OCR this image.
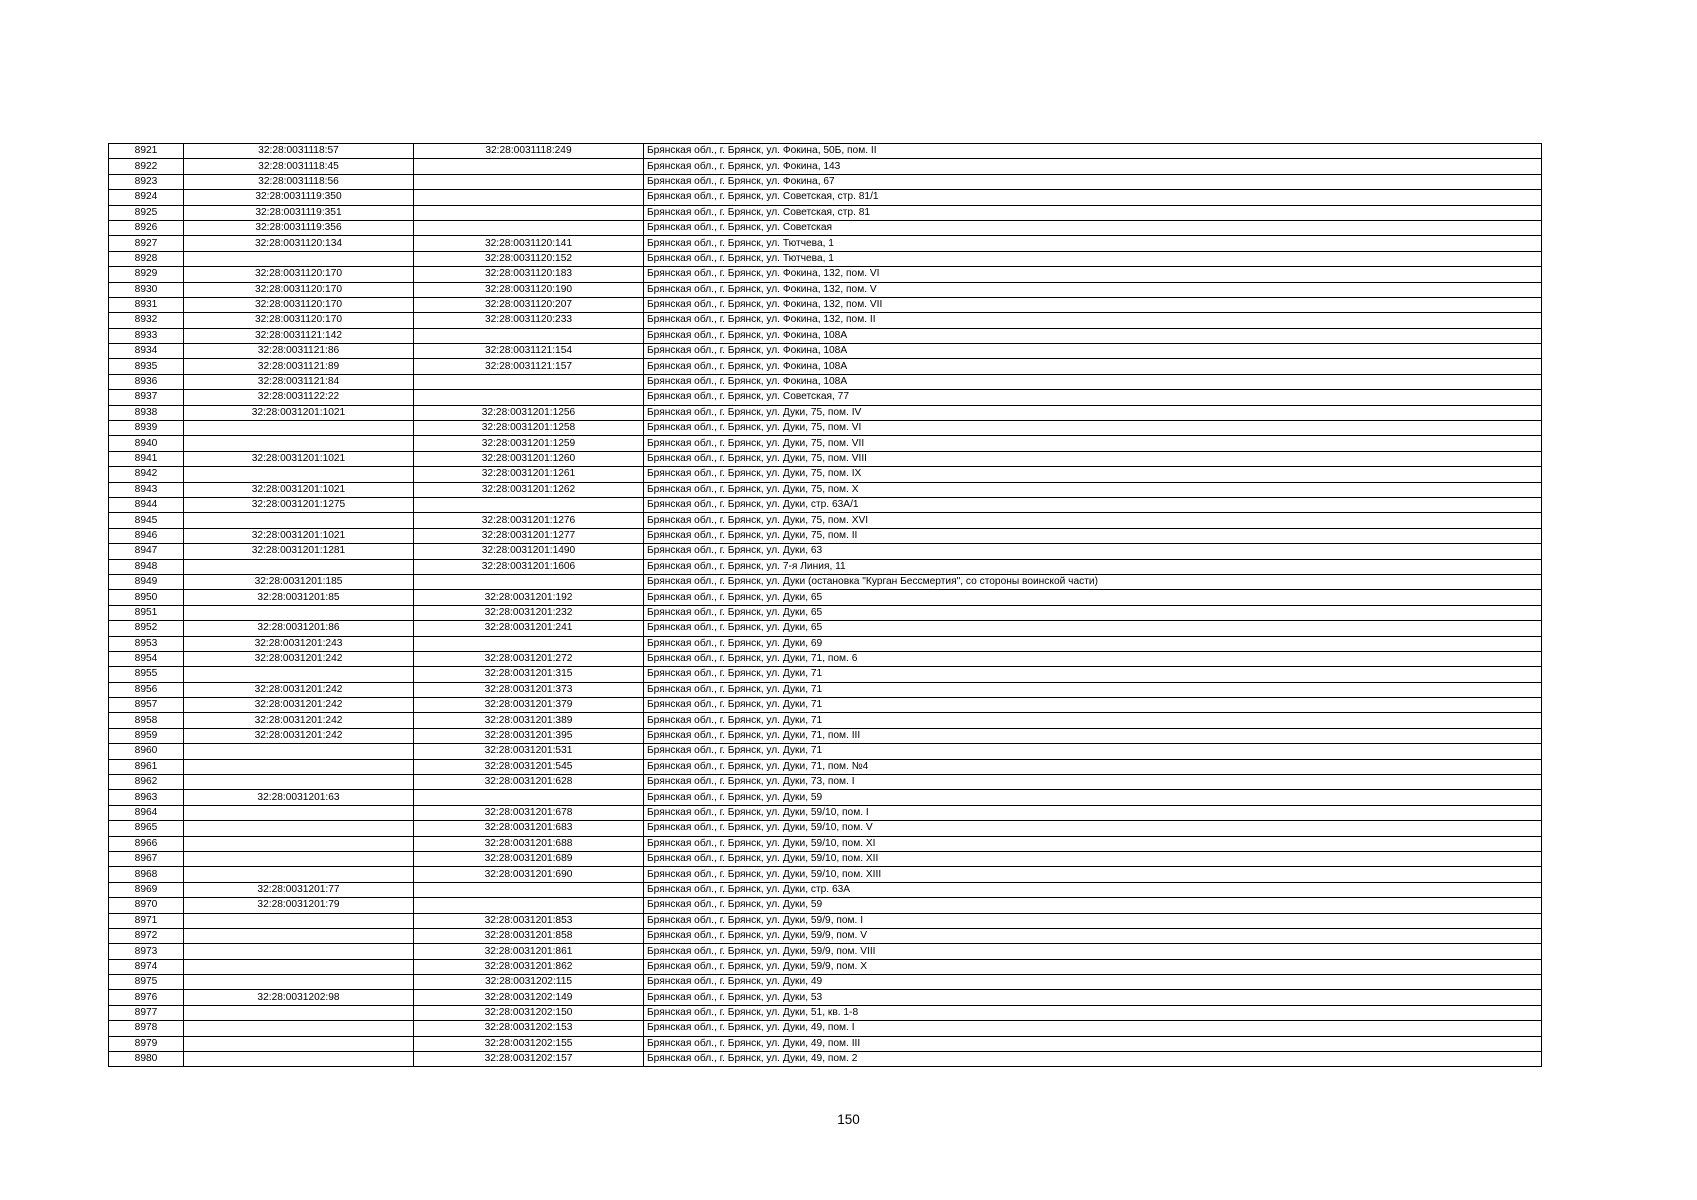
8921	32:28:0031118:57	32:28:0031118:249	Брянская обл., г. Брянск, ул. Фокина, 50Б, пом. II
8922	32:28:0031118:45		Брянская обл., г. Брянск, ул. Фокина, 143
8923	32:28:0031118:56		Брянская обл., г. Брянск, ул. Фокина, 67
8924	32:28:0031119:350		Брянская обл., г. Брянск, ул. Советская, стр. 81/1
8925	32:28:0031119:351		Брянская обл., г. Брянск, ул. Советская, стр. 81
8926	32:28:0031119:356		Брянская обл., г. Брянск, ул. Советская
8927	32:28:0031120:134	32:28:0031120:141	Брянская обл., г. Брянск, ул. Тютчева, 1
8928		32:28:0031120:152	Брянская обл., г. Брянск, ул. Тютчева, 1
8929	32:28:0031120:170	32:28:0031120:183	Брянская обл., г. Брянск, ул. Фокина, 132, пом. VI
8930	32:28:0031120:170	32:28:0031120:190	Брянская обл., г. Брянск, ул. Фокина, 132, пом. V
8931	32:28:0031120:170	32:28:0031120:207	Брянская обл., г. Брянск, ул. Фокина, 132, пом. VII
8932	32:28:0031120:170	32:28:0031120:233	Брянская обл., г. Брянск, ул. Фокина, 132, пом. II
8933	32:28:0031121:142		Брянская обл., г. Брянск, ул. Фокина, 108А
8934	32:28:0031121:86	32:28:0031121:154	Брянская обл., г. Брянск, ул. Фокина, 108А
8935	32:28:0031121:89	32:28:0031121:157	Брянская обл., г. Брянск, ул. Фокина, 108А
8936	32:28:0031121:84		Брянская обл., г. Брянск, ул. Фокина, 108А
8937	32:28:0031122:22		Брянская обл., г. Брянск, ул. Советская, 77
8938	32:28:0031201:1021	32:28:0031201:1256	Брянская обл., г. Брянск, ул. Дуки, 75, пом. IV
8939		32:28:0031201:1258	Брянская обл., г. Брянск, ул. Дуки, 75, пом. VI
8940		32:28:0031201:1259	Брянская обл., г. Брянск, ул. Дуки, 75, пом. VII
8941	32:28:0031201:1021	32:28:0031201:1260	Брянская обл., г. Брянск, ул. Дуки, 75, пом. VIII
8942		32:28:0031201:1261	Брянская обл., г. Брянск, ул. Дуки, 75, пом. IX
8943	32:28:0031201:1021	32:28:0031201:1262	Брянская обл., г. Брянск, ул. Дуки, 75, пом. X
8944	32:28:0031201:1275		Брянская обл., г. Брянск, ул. Дуки, стр. 63А/1
8945		32:28:0031201:1276	Брянская обл., г. Брянск, ул. Дуки, 75, пом. XVI
8946	32:28:0031201:1021	32:28:0031201:1277	Брянская обл., г. Брянск, ул. Дуки, 75, пом. II
8947	32:28:0031201:1281	32:28:0031201:1490	Брянская обл., г. Брянск, ул. Дуки, 63
8948		32:28:0031201:1606	Брянская обл., г. Брянск, ул. 7-я Линия, 11
8949	32:28:0031201:185		Брянская обл., г. Брянск, ул. Дуки (остановка "Курган Бессмертия", со стороны воинской части)
8950	32:28:0031201:85	32:28:0031201:192	Брянская обл., г. Брянск, ул. Дуки, 65
8951		32:28:0031201:232	Брянская обл., г. Брянск, ул. Дуки, 65
8952	32:28:0031201:86	32:28:0031201:241	Брянская обл., г. Брянск, ул. Дуки, 65
8953	32:28:0031201:243		Брянская обл., г. Брянск, ул. Дуки, 69
8954	32:28:0031201:242	32:28:0031201:272	Брянская обл., г. Брянск, ул. Дуки, 71, пом. 6
8955		32:28:0031201:315	Брянская обл., г. Брянск, ул. Дуки, 71
8956	32:28:0031201:242	32:28:0031201:373	Брянская обл., г. Брянск, ул. Дуки, 71
8957	32:28:0031201:242	32:28:0031201:379	Брянская обл., г. Брянск, ул. Дуки, 71
8958	32:28:0031201:242	32:28:0031201:389	Брянская обл., г. Брянск, ул. Дуки, 71
8959	32:28:0031201:242	32:28:0031201:395	Брянская обл., г. Брянск, ул. Дуки, 71, пом. III
8960		32:28:0031201:531	Брянская обл., г. Брянск, ул. Дуки, 71
8961		32:28:0031201:545	Брянская обл., г. Брянск, ул. Дуки, 71, пом. №4
8962		32:28:0031201:628	Брянская обл., г. Брянск, ул. Дуки, 73, пом. I
8963	32:28:0031201:63		Брянская обл., г. Брянск, ул. Дуки, 59
8964		32:28:0031201:678	Брянская обл., г. Брянск, ул. Дуки, 59/10, пом. I
8965		32:28:0031201:683	Брянская обл., г. Брянск, ул. Дуки, 59/10, пом. V
8966		32:28:0031201:688	Брянская обл., г. Брянск, ул. Дуки, 59/10, пом. XI
8967		32:28:0031201:689	Брянская обл., г. Брянск, ул. Дуки, 59/10, пом. XII
8968		32:28:0031201:690	Брянская обл., г. Брянск, ул. Дуки, 59/10, пом. XIII
8969	32:28:0031201:77		Брянская обл., г. Брянск, ул. Дуки, стр. 63А
8970	32:28:0031201:79		Брянская обл., г. Брянск, ул. Дуки, 59
8971		32:28:0031201:853	Брянская обл., г. Брянск, ул. Дуки, 59/9, пом. I
8972		32:28:0031201:858	Брянская обл., г. Брянск, ул. Дуки, 59/9, пом. V
8973		32:28:0031201:861	Брянская обл., г. Брянск, ул. Дуки, 59/9, пом. VIII
8974		32:28:0031201:862	Брянская обл., г. Брянск, ул. Дуки, 59/9, пом. X
8975		32:28:0031202:115	Брянская обл., г. Брянск, ул. Дуки, 49
8976	32:28:0031202:98	32:28:0031202:149	Брянская обл., г. Брянск, ул. Дуки, 53
8977		32:28:0031202:150	Брянская обл., г. Брянск, ул. Дуки, 51, кв. 1-8
8978		32:28:0031202:153	Брянская обл., г. Брянск, ул. Дуки, 49, пом. I
8979		32:28:0031202:155	Брянская обл., г. Брянск, ул. Дуки, 49, пом. III
8980		32:28:0031202:157	Брянская обл., г. Брянск, ул. Дуки, 49, пом. 2
150
